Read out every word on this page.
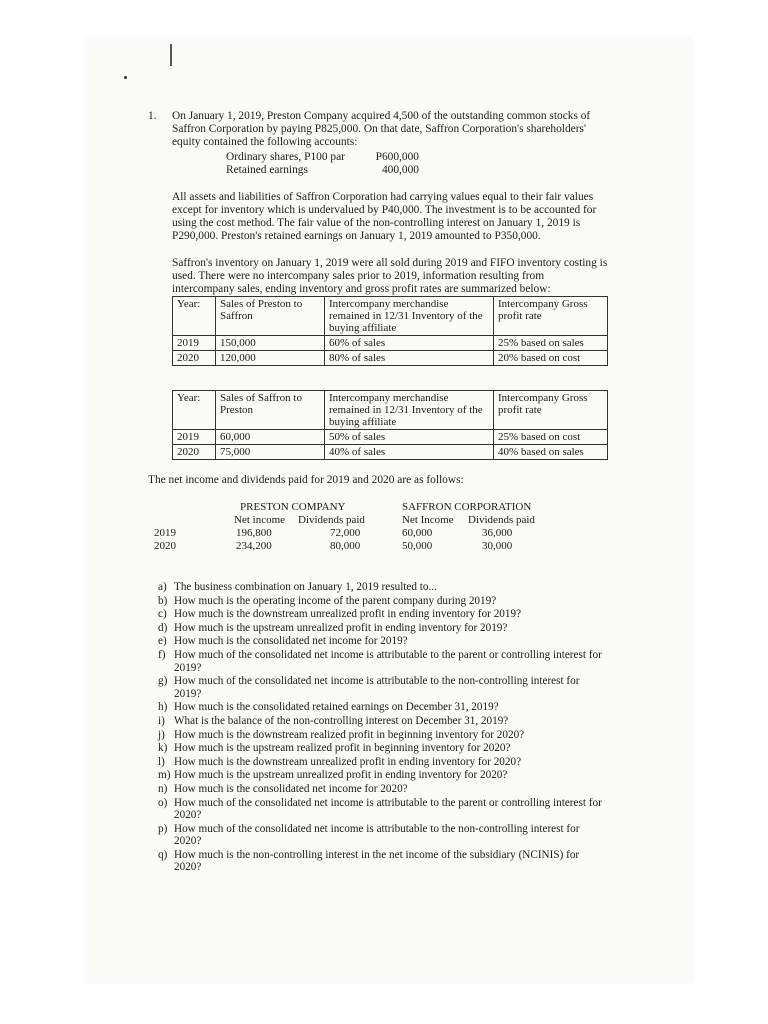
1.	On January 1, 2019, Preston Company acquired 4,500 of the outstanding common stocks of Saffron Corporation by paying P825,000. On that date, Saffron Corporation's shareholders' equity contained the following accounts:

Ordinary shares, P100 par	P600,000
Retained earnings	400,000

All assets and liabilities of Saffron Corporation had carrying values equal to their fair values except for inventory which is undervalued by P40,000. The investment is to be accounted for using the cost method. The fair value of the non-controlling interest on January 1, 2019 is P290,000. Preston's retained earnings on January 1, 2019 amounted to P350,000.

Saffron's inventory on January 1, 2019 were all sold during 2019 and FIFO inventory costing is used. There were no intercompany sales prior to 2019, information resulting from intercompany sales, ending inventory and gross profit rates are summarized below:

Year:	Sales of Preston to Saffron	Intercompany merchandise remained in 12/31 Inventory of the buying affiliate	Intercompany Gross profit rate
2019	150,000	60% of sales	25% based on sales
2020	120,000	80% of sales	20% based on cost
Year:	Sales of Saffron to Preston	Intercompany merchandise remained in 12/31 Inventory of the buying affiliate	Intercompany Gross profit rate
2019	60,000	50% of sales	25% based on cost
2020	75,000	40% of sales	40% based on sales

The net income and dividends paid for 2019 and 2020 are as follows:

PRESTON COMPANY	SAFFRON CORPORATION
Net income Dividends paid	Net Income Dividends paid
2019	196,800	72,000	60,000	36,000
2020	234,200	80,000	50,000	30,000
a) The business combination on January 1, 2019 resulted to...
b) How much is the operating income of the parent company during 2019?
c) How much is the downstream unrealized profit in ending inventory for 2019?
d) How much is the upstream unrealized profit in ending inventory for 2019?
e) How much is the consolidated net income for 2019?
f) How much of the consolidated net income is attributable to the parent or controlling interest for 2019?
g) How much of the consolidated net income is attributable to the non-controlling interest for 2019?
h) How much is the consolidated retained earnings on December 31, 2019?
i) What is the balance of the non-controlling interest on December 31, 2019?
j) How much is the downstream realized profit in beginning inventory for 2020?
k) How much is the upstream realized profit in beginning inventory for 2020?
l) How much is the downstream unrealized profit in ending inventory for 2020?
m) How much is the upstream unrealized profit in ending inventory for 2020?
n) How much is the consolidated net income for 2020?
o) How much of the consolidated net income is attributable to the parent or controlling interest for 2020?
p) How much of the consolidated net income is attributable to the non-controlling interest for 2020?
q) How much is the non-controlling interest in the net income of the subsidiary (NCINIS) for 2020?
